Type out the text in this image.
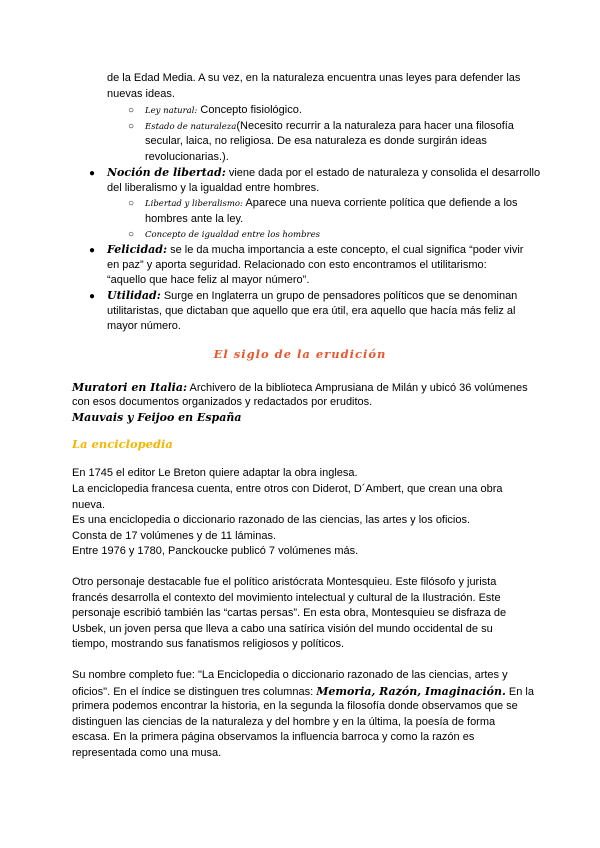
de la Edad Media. A su vez, en la naturaleza encuentra unas leyes para defender las
nuevas ideas.
○ Ley natural: Concepto fisiológico.
○ Estado de naturaleza(Necesito recurrir a la naturaleza para hacer una filosofía
secular, laica, no religiosa. De esa naturaleza es donde surgirán ideas
revolucionarias.).
● Noción de libertad: viene dada por el estado de naturaleza y consolida el desarrollo
del liberalismo y la igualdad entre hombres.
○ Libertad y liberalismo: Aparece una nueva corriente política que defiende a los
hombres ante la ley.
○ Concepto de igualdad entre los hombres
● Felicidad: se le da mucha importancia a este concepto, el cual significa “poder vivir
en paz” y aporta seguridad. Relacionado con esto encontramos el utilitarismo:
“aquello que hace feliz al mayor número”.
● Utilidad: Surge en Inglaterra un grupo de pensadores políticos que se denominan
utilitaristas, que dictaban que aquello que era útil, era aquello que hacía más feliz al
mayor número.
El siglo de la erudición
Muratori en Italia: Archivero de la biblioteca Amprusiana de Milán y ubicó 36 volúmenes
con esos documentos organizados y redactados por eruditos.
Mauvais y Feijoo en España
La enciclopedia
En 1745 el editor Le Breton quiere adaptar la obra inglesa.
La enciclopedia francesa cuenta, entre otros con Diderot, D´Ambert, que crean una obra
nueva.
Es una enciclopedia o diccionario razonado de las ciencias, las artes y los oficios.
Consta de 17 volúmenes y de 11 láminas.
Entre 1976 y 1780, Panckoucke publicó 7 volúmenes más.
Otro personaje destacable fue el político aristócrata Montesquieu. Este filósofo y jurista
francés desarrolla el contexto del movimiento intelectual y cultural de la Ilustración. Este
personaje escribió también las “cartas persas”. En esta obra, Montesquieu se disfraza de
Usbek, un joven persa que lleva a cabo una satírica visión del mundo occidental de su
tiempo, mostrando sus fanatismos religiosos y políticos.
Su nombre completo fue: "La Enciclopedia o diccionario razonado de las ciencias, artes y
oficios". En el índice se distinguen tres columnas: Memoria, Razón, Imaginación. En la
primera podemos encontrar la historia, en la segunda la filosofía donde observamos que se
distinguen las ciencias de la naturaleza y del hombre y en la última, la poesía de forma
escasa. En la primera página observamos la influencia barroca y como la razón es
representada como una musa.
